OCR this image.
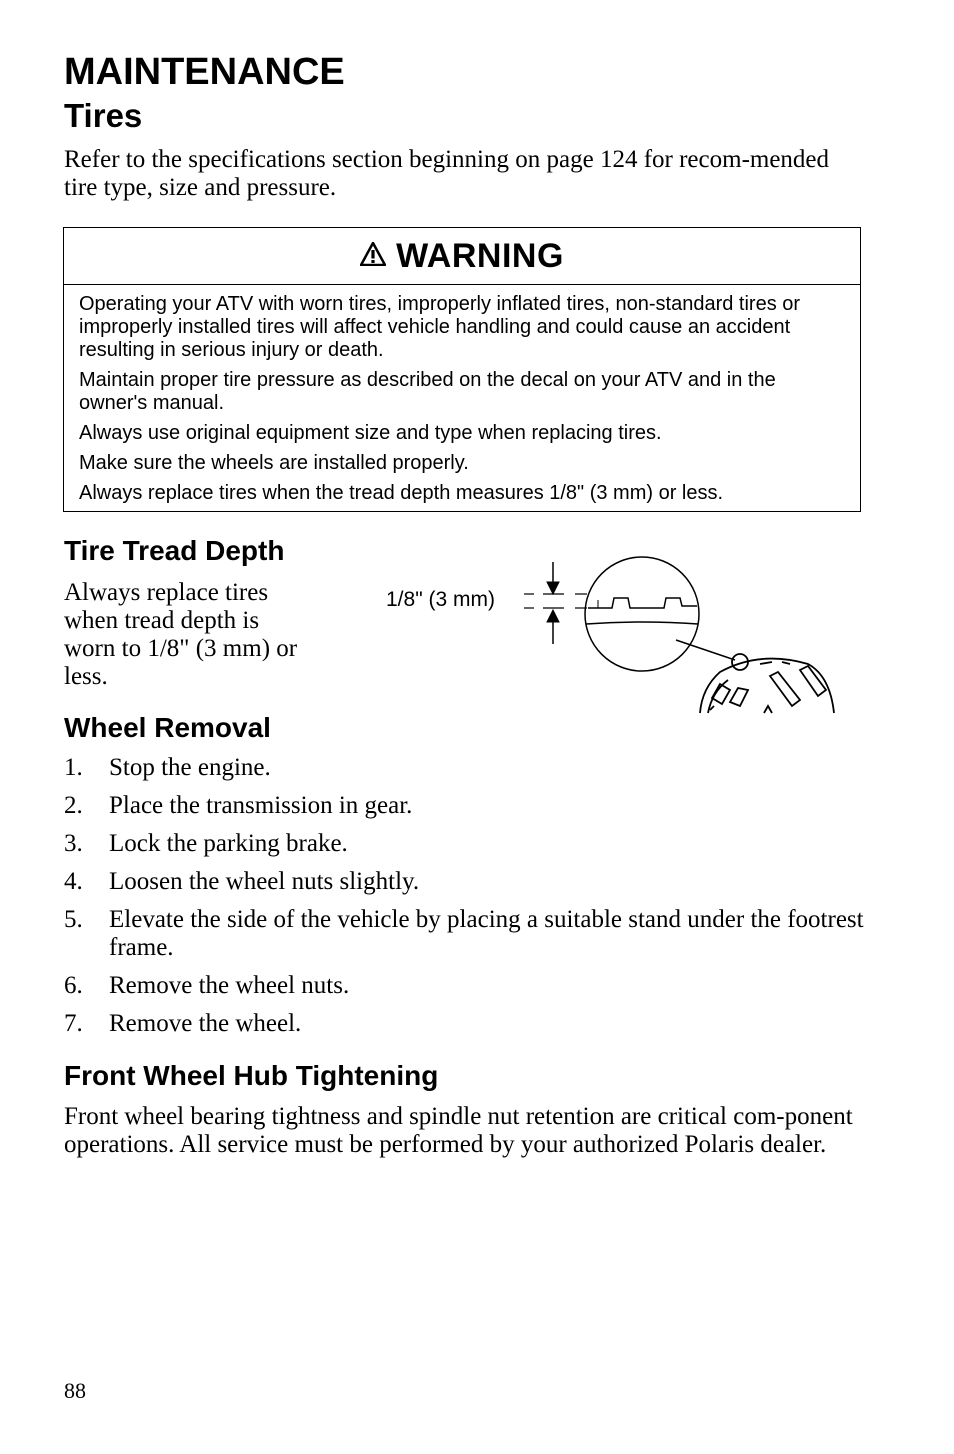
MAINTENANCE
Tires

Refer to the specifications section beginning on page 124 for recom-mended tire type, size and pressure.

WARNING

Operating your ATV with worn tires, improperly inflated tires, non-standard tires or improperly installed tires will affect vehicle handling and could cause an accident resulting in serious injury or death.

Maintain proper tire pressure as described on the decal on your ATV and in the owner's manual.

Always use original equipment size and type when replacing tires.

Make sure the wheels are installed properly.

Always replace tires when the tread depth measures 1/8" (3 mm) or less.

Tire Tread Depth

Always replace tires when tread depth is worn to 1/8" (3 mm) or less.

1/8" (3 mm)
Wheel Removal
1.	Stop the engine.
2.	Place the transmission in gear.
3.	Lock the parking brake.
4.	Loosen the wheel nuts slightly.
5.	Elevate the side of the vehicle by placing a suitable stand under the footrest frame.
6.	Remove the wheel nuts.
7.	Remove the wheel.
Front Wheel Hub Tightening

Front wheel bearing tightness and spindle nut retention are critical com-ponent operations. All service must be performed by your authorized Polaris dealer.

88
